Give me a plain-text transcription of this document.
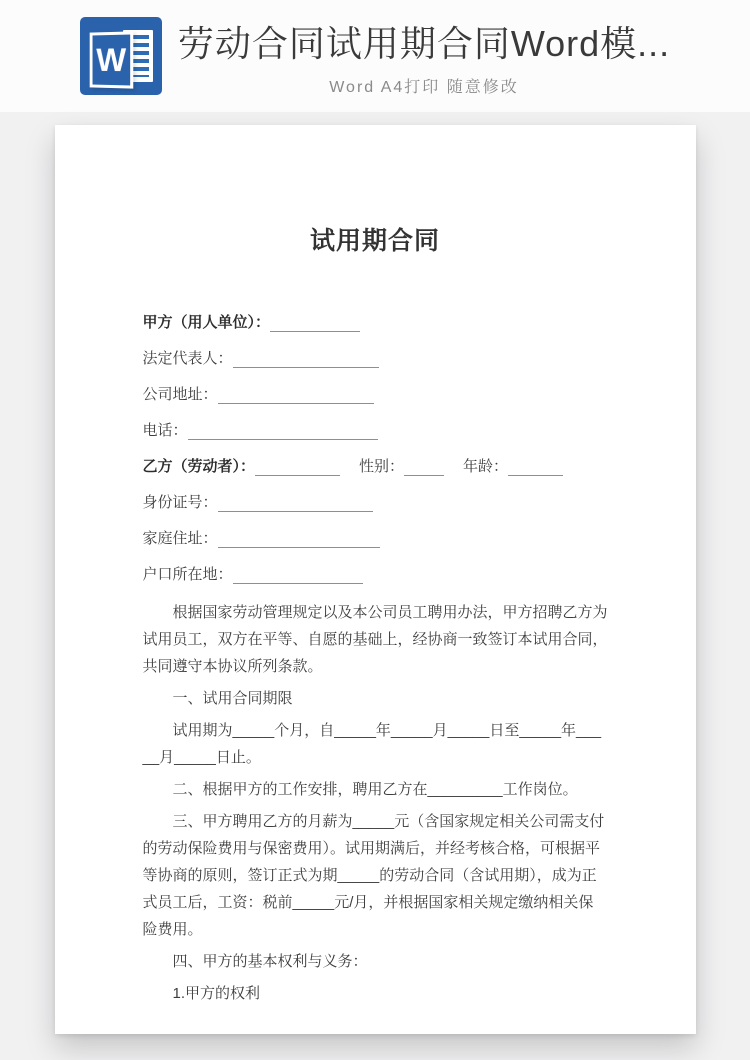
W 劳动合同试用期合同Word模...
Word A4打印 随意修改
试用期合同
甲方（用人单位）：
法定代表人：
公司地址：
电话：
乙方（劳动者）：	性别：	年龄：
身份证号：
家庭住址：
户口所在地：

根据国家劳动管理规定以及本公司员工聘用办法，甲方招聘乙方为试用员工，双方在平等、自愿的基础上，经协商一致签订本试用合同，共同遵守本协议所列条款。

一、试用合同期限

试用期为_____个月，自_____年_____月_____日至_____年_____月_____日止。

二、根据甲方的工作安排，聘用乙方在_________工作岗位。

三、甲方聘用乙方的月薪为_____元（含国家规定相关公司需支付的劳动保险费用与保密费用）。试用期满后，并经考核合格，可根据平等协商的原则，签订正式为期_____的劳动合同（含试用期），成为正式员工后，工资：税前_____元/月，并根据国家相关规定缴纳相关保险费用。

四、甲方的基本权利与义务：

1.甲方的权利
